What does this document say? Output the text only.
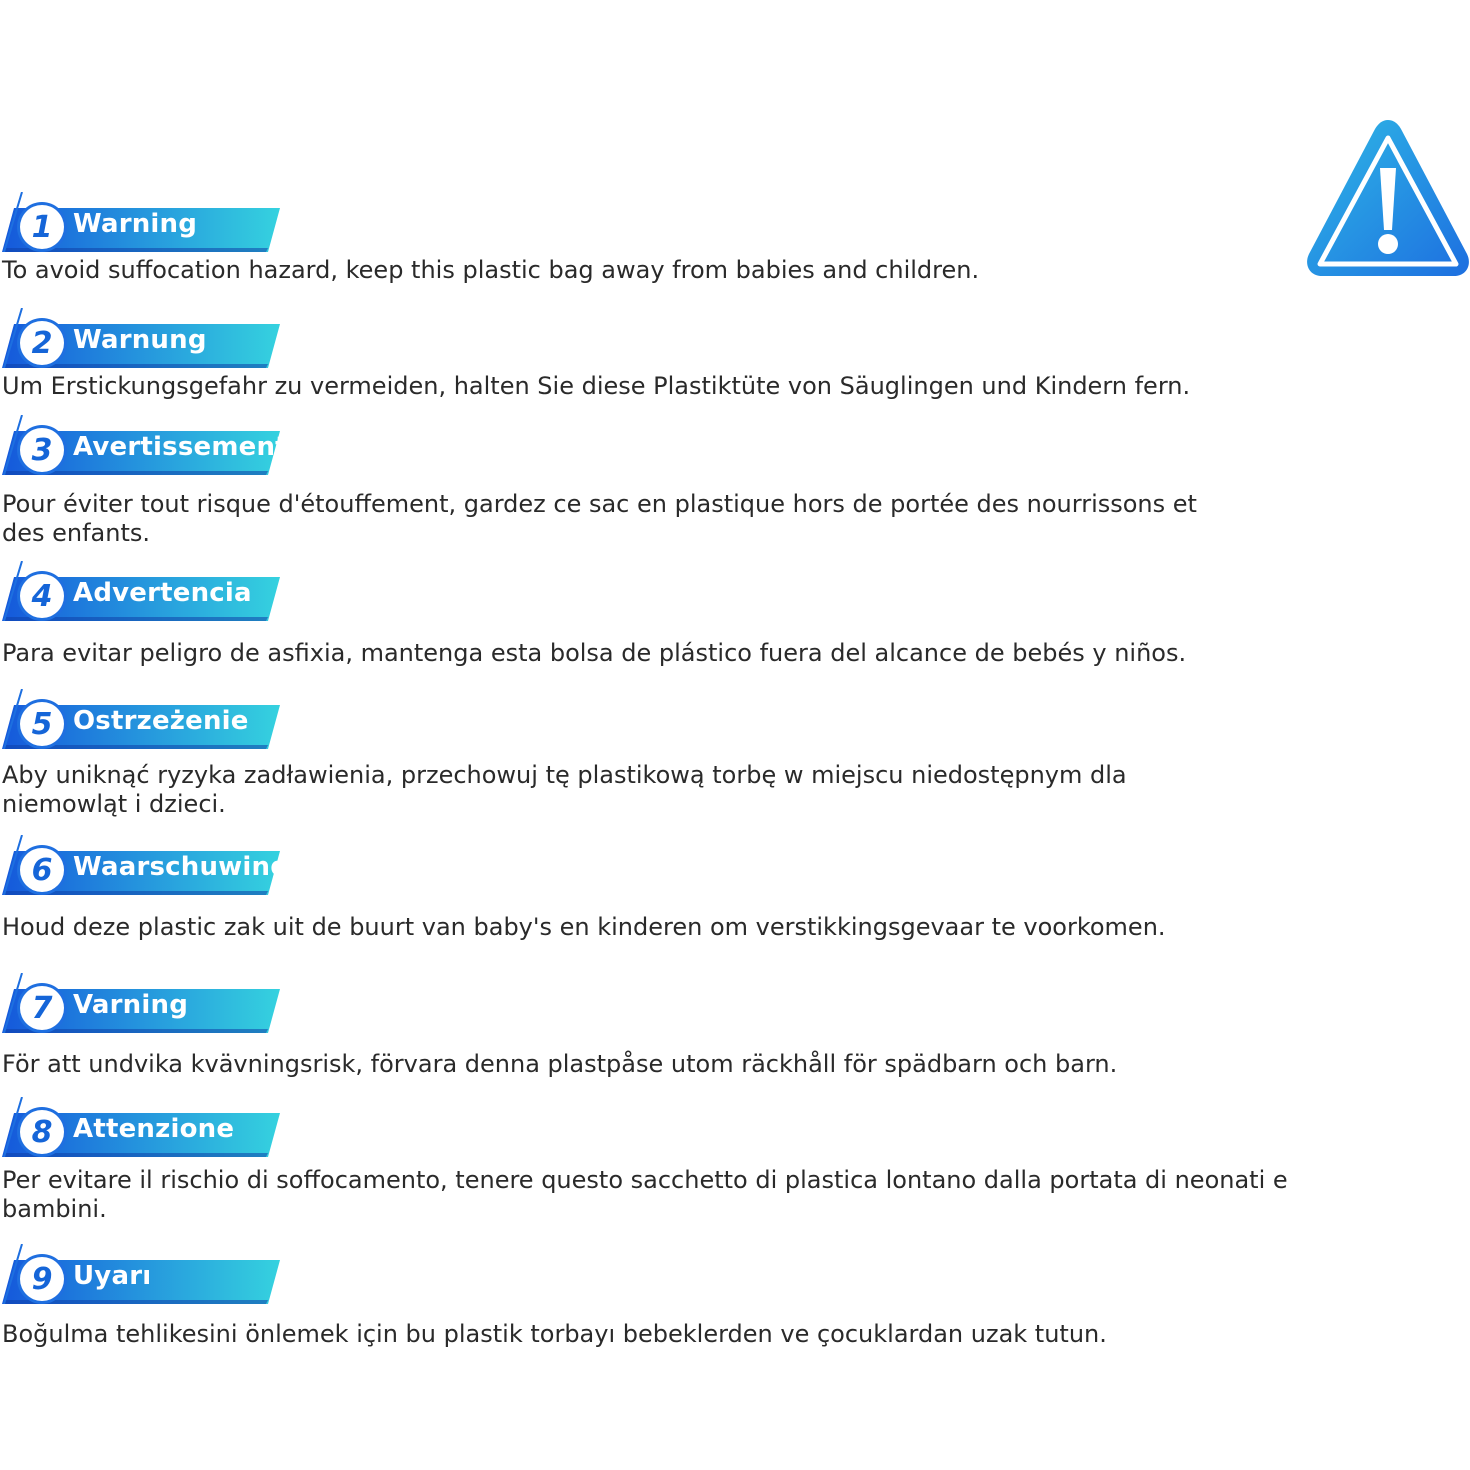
1 Warning

To avoid suffocation hazard, keep this plastic bag away from babies and children.

2 Warnung

Um Erstickungsgefahr zu vermeiden, halten Sie diese Plastiktüte von Säuglingen und Kindern fern.

3 Avertissement

Pour éviter tout risque d'étouffement, gardez ce sac en plastique hors de portée des nourrissons et des enfants.

4 Advertencia

Para evitar peligro de asfixia, mantenga esta bolsa de plástico fuera del alcance de bebés y niños.

5 Ostrzeżenie

Aby uniknąć ryzyka zadławienia, przechowuj tę plastikową torbę w miejscu niedostępnym dla niemowląt i dzieci.

6 Waarschuwing

Houd deze plastic zak uit de buurt van baby's en kinderen om verstikkingsgevaar te voorkomen.

7 Varning

För att undvika kvävningsrisk, förvara denna plastpåse utom räckhåll för spädbarn och barn.

8 Attenzione

Per evitare il rischio di soffocamento, tenere questo sacchetto di plastica lontano dalla portata di neonati e bambini.

9 Uyarı

Boğulma tehlikesini önlemek için bu plastik torbayı bebeklerden ve çocuklardan uzak tutun.
